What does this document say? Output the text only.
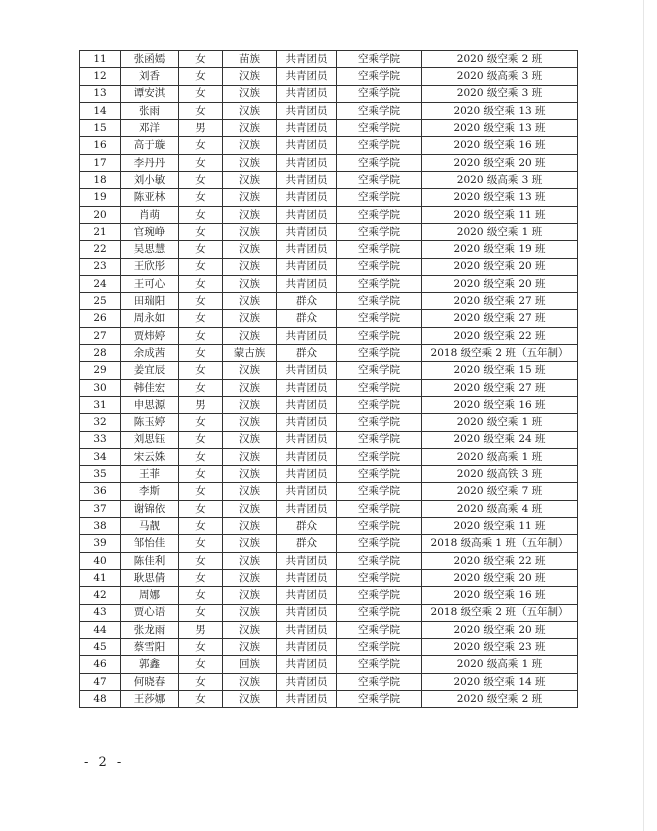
11	张函嫣	女	苗族	共青团员	空乘学院	2020 级空乘 2 班
12	刘香	女	汉族	共青团员	空乘学院	2020 级高乘 3 班
13	谭安淇	女	汉族	共青团员	空乘学院	2020 级空乘 3 班
14	张雨	女	汉族	共青团员	空乘学院	2020 级空乘 13 班
15	邓洋	男	汉族	共青团员	空乘学院	2020 级空乘 13 班
16	高于璇	女	汉族	共青团员	空乘学院	2020 级空乘 16 班
17	李丹丹	女	汉族	共青团员	空乘学院	2020 级空乘 20 班
18	刘小敏	女	汉族	共青团员	空乘学院	2020 级高乘 3 班
19	陈亚林	女	汉族	共青团员	空乘学院	2020 级空乘 13 班
20	肖萌	女	汉族	共青团员	空乘学院	2020 级空乘 11 班
21	官琬峥	女	汉族	共青团员	空乘学院	2020 级空乘 1 班
22	吴思慧	女	汉族	共青团员	空乘学院	2020 级空乘 19 班
23	王欣彤	女	汉族	共青团员	空乘学院	2020 级空乘 20 班
24	王可心	女	汉族	共青团员	空乘学院	2020 级空乘 20 班
25	田瑞阳	女	汉族	群众	空乘学院	2020 级空乘 27 班
26	周永如	女	汉族	群众	空乘学院	2020 级空乘 27 班
27	贾炜婷	女	汉族	共青团员	空乘学院	2020 级空乘 22 班
28	余成茜	女	蒙古族	群众	空乘学院	2018 级空乘 2 班（五年制）
29	姜宜辰	女	汉族	共青团员	空乘学院	2020 级空乘 15 班
30	韩佳宏	女	汉族	共青团员	空乘学院	2020 级空乘 27 班
31	申思源	男	汉族	共青团员	空乘学院	2020 级空乘 16 班
32	陈玉婷	女	汉族	共青团员	空乘学院	2020 级空乘 1 班
33	刘思钰	女	汉族	共青团员	空乘学院	2020 级空乘 24 班
34	宋云姝	女	汉族	共青团员	空乘学院	2020 级高乘 1 班
35	王菲	女	汉族	共青团员	空乘学院	2020 级高铁 3 班
36	李斯	女	汉族	共青团员	空乘学院	2020 级空乘 7 班
37	谢锦依	女	汉族	共青团员	空乘学院	2020 级高乘 4 班
38	马靓	女	汉族	群众	空乘学院	2020 级空乘 11 班
39	邹怡佳	女	汉族	群众	空乘学院	2018 级高乘 1 班（五年制）
40	陈佳利	女	汉族	共青团员	空乘学院	2020 级空乘 22 班
41	耿思倩	女	汉族	共青团员	空乘学院	2020 级空乘 20 班
42	周娜	女	汉族	共青团员	空乘学院	2020 级空乘 16 班
43	贾心语	女	汉族	共青团员	空乘学院	2018 级空乘 2 班（五年制）
44	张龙雨	男	汉族	共青团员	空乘学院	2020 级空乘 20 班
45	蔡雪阳	女	汉族	共青团员	空乘学院	2020 级空乘 23 班
46	郭鑫	女	回族	共青团员	空乘学院	2020 级高乘 1 班
47	何晓春	女	汉族	共青团员	空乘学院	2020 级空乘 14 班
48	王莎娜	女	汉族	共青团员	空乘学院	2020 级空乘 2 班
- 2 -
